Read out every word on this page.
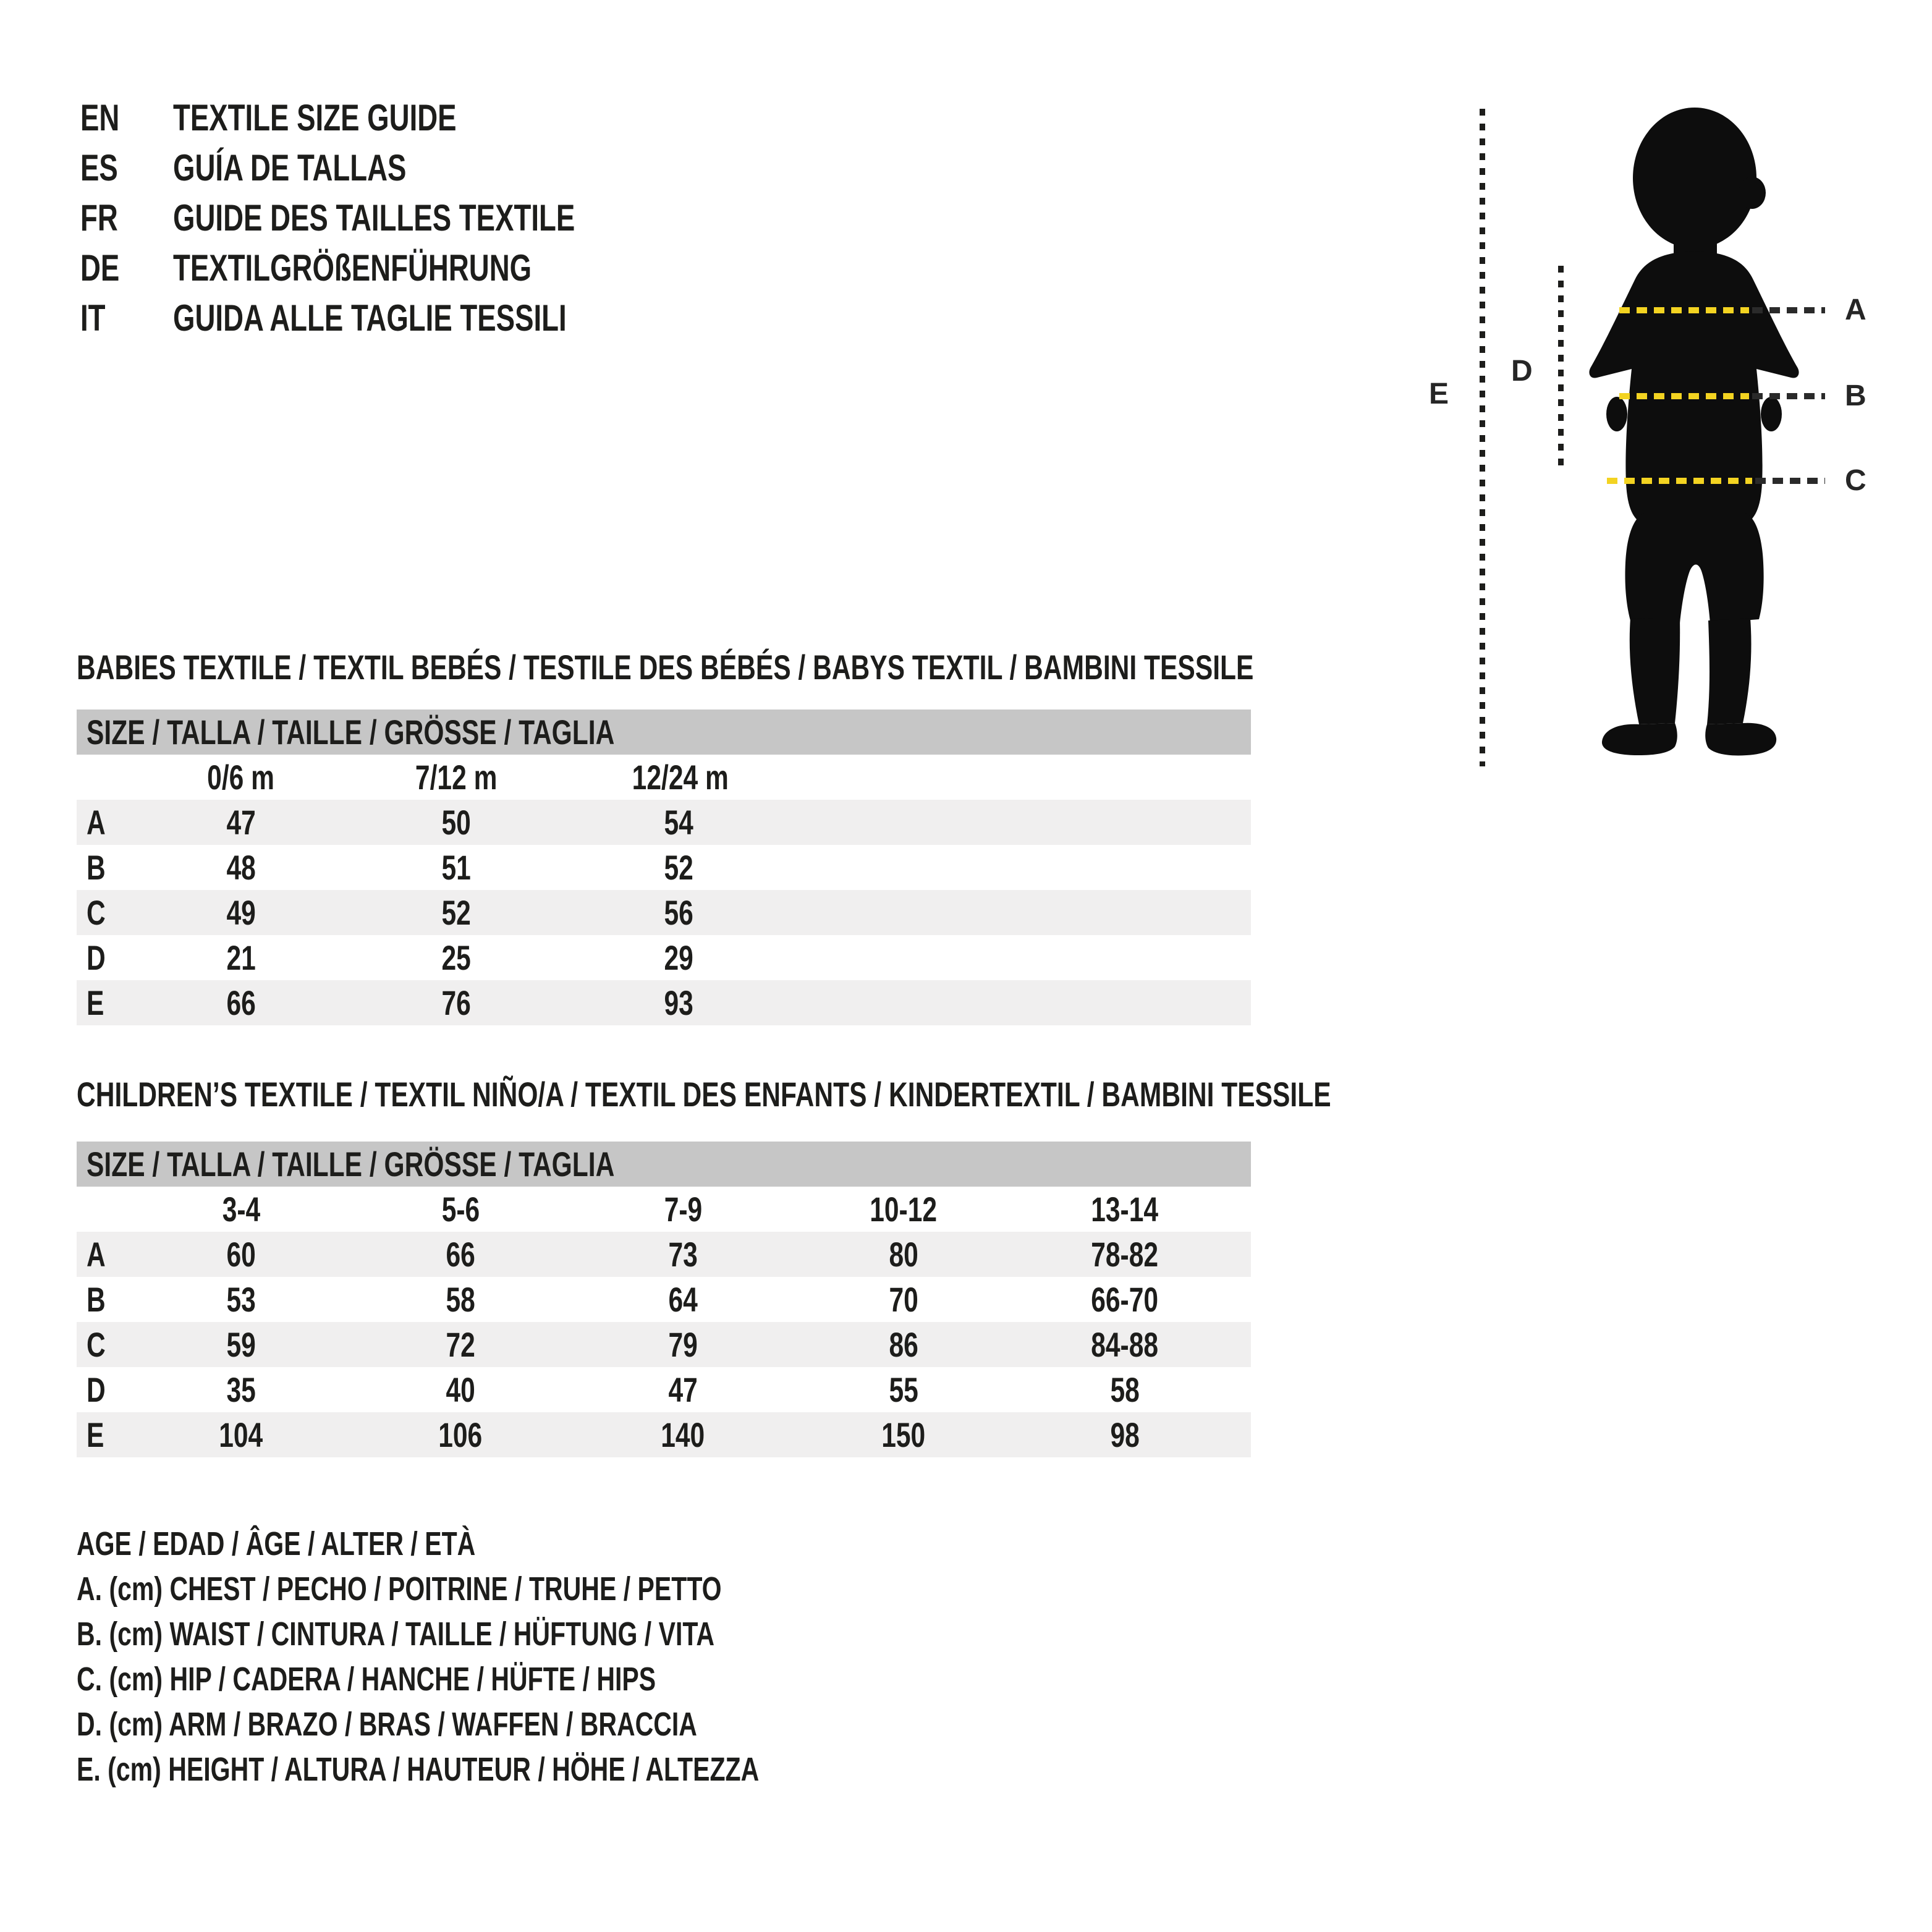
EN	TEXTILE SIZE GUIDE
ES	GUÍA DE TALLAS
FR	GUIDE DES TAILLES TEXTILE
DE	TEXTILGRÖßENFÜHRUNG
IT GUIDA ALLE TAGLIE TESSILI	A
B
C
D
E
BABIES TEXTILE / TEXTIL BEBÉS / TESTILE DES BÉBÉS / BABYS TEXTIL / BAMBINI TESSILE
SIZE / TALLA / TAILLE / GRÖSSE / TAGLIA
0/6 m	7/12 m	12/24 m
A	47	50	54
B	48	51	52
C	49	52	56
D	21	25	29
E	66	76	93
CHILDREN’S TEXTILE / TEXTIL NIÑO/A / TEXTIL DES ENFANTS / KINDERTEXTIL / BAMBINI TESSILE
SIZE / TALLA / TAILLE / GRÖSSE / TAGLIA
3-4	5-6	7-9	10-12	13-14
A	60	66	73	80	78-82
B	53	58	64	70	66-70
C	59	72	79	86	84-88
D	35	40	47	55	58
E	104	106	140	150	98
AGE / EDAD / ÂGE / ALTER / ETÀ
A. (cm) CHEST / PECHO / POITRINE / TRUHE / PETTO
B. (cm) WAIST / CINTURA / TAILLE / HÜFTUNG / VITA
C. (cm) HIP / CADERA / HANCHE / HÜFTE / HIPS
D. (cm) ARM / BRAZO / BRAS / WAFFEN / BRACCIA
E. (cm) HEIGHT / ALTURA / HAUTEUR / HÖHE / ALTEZZA
